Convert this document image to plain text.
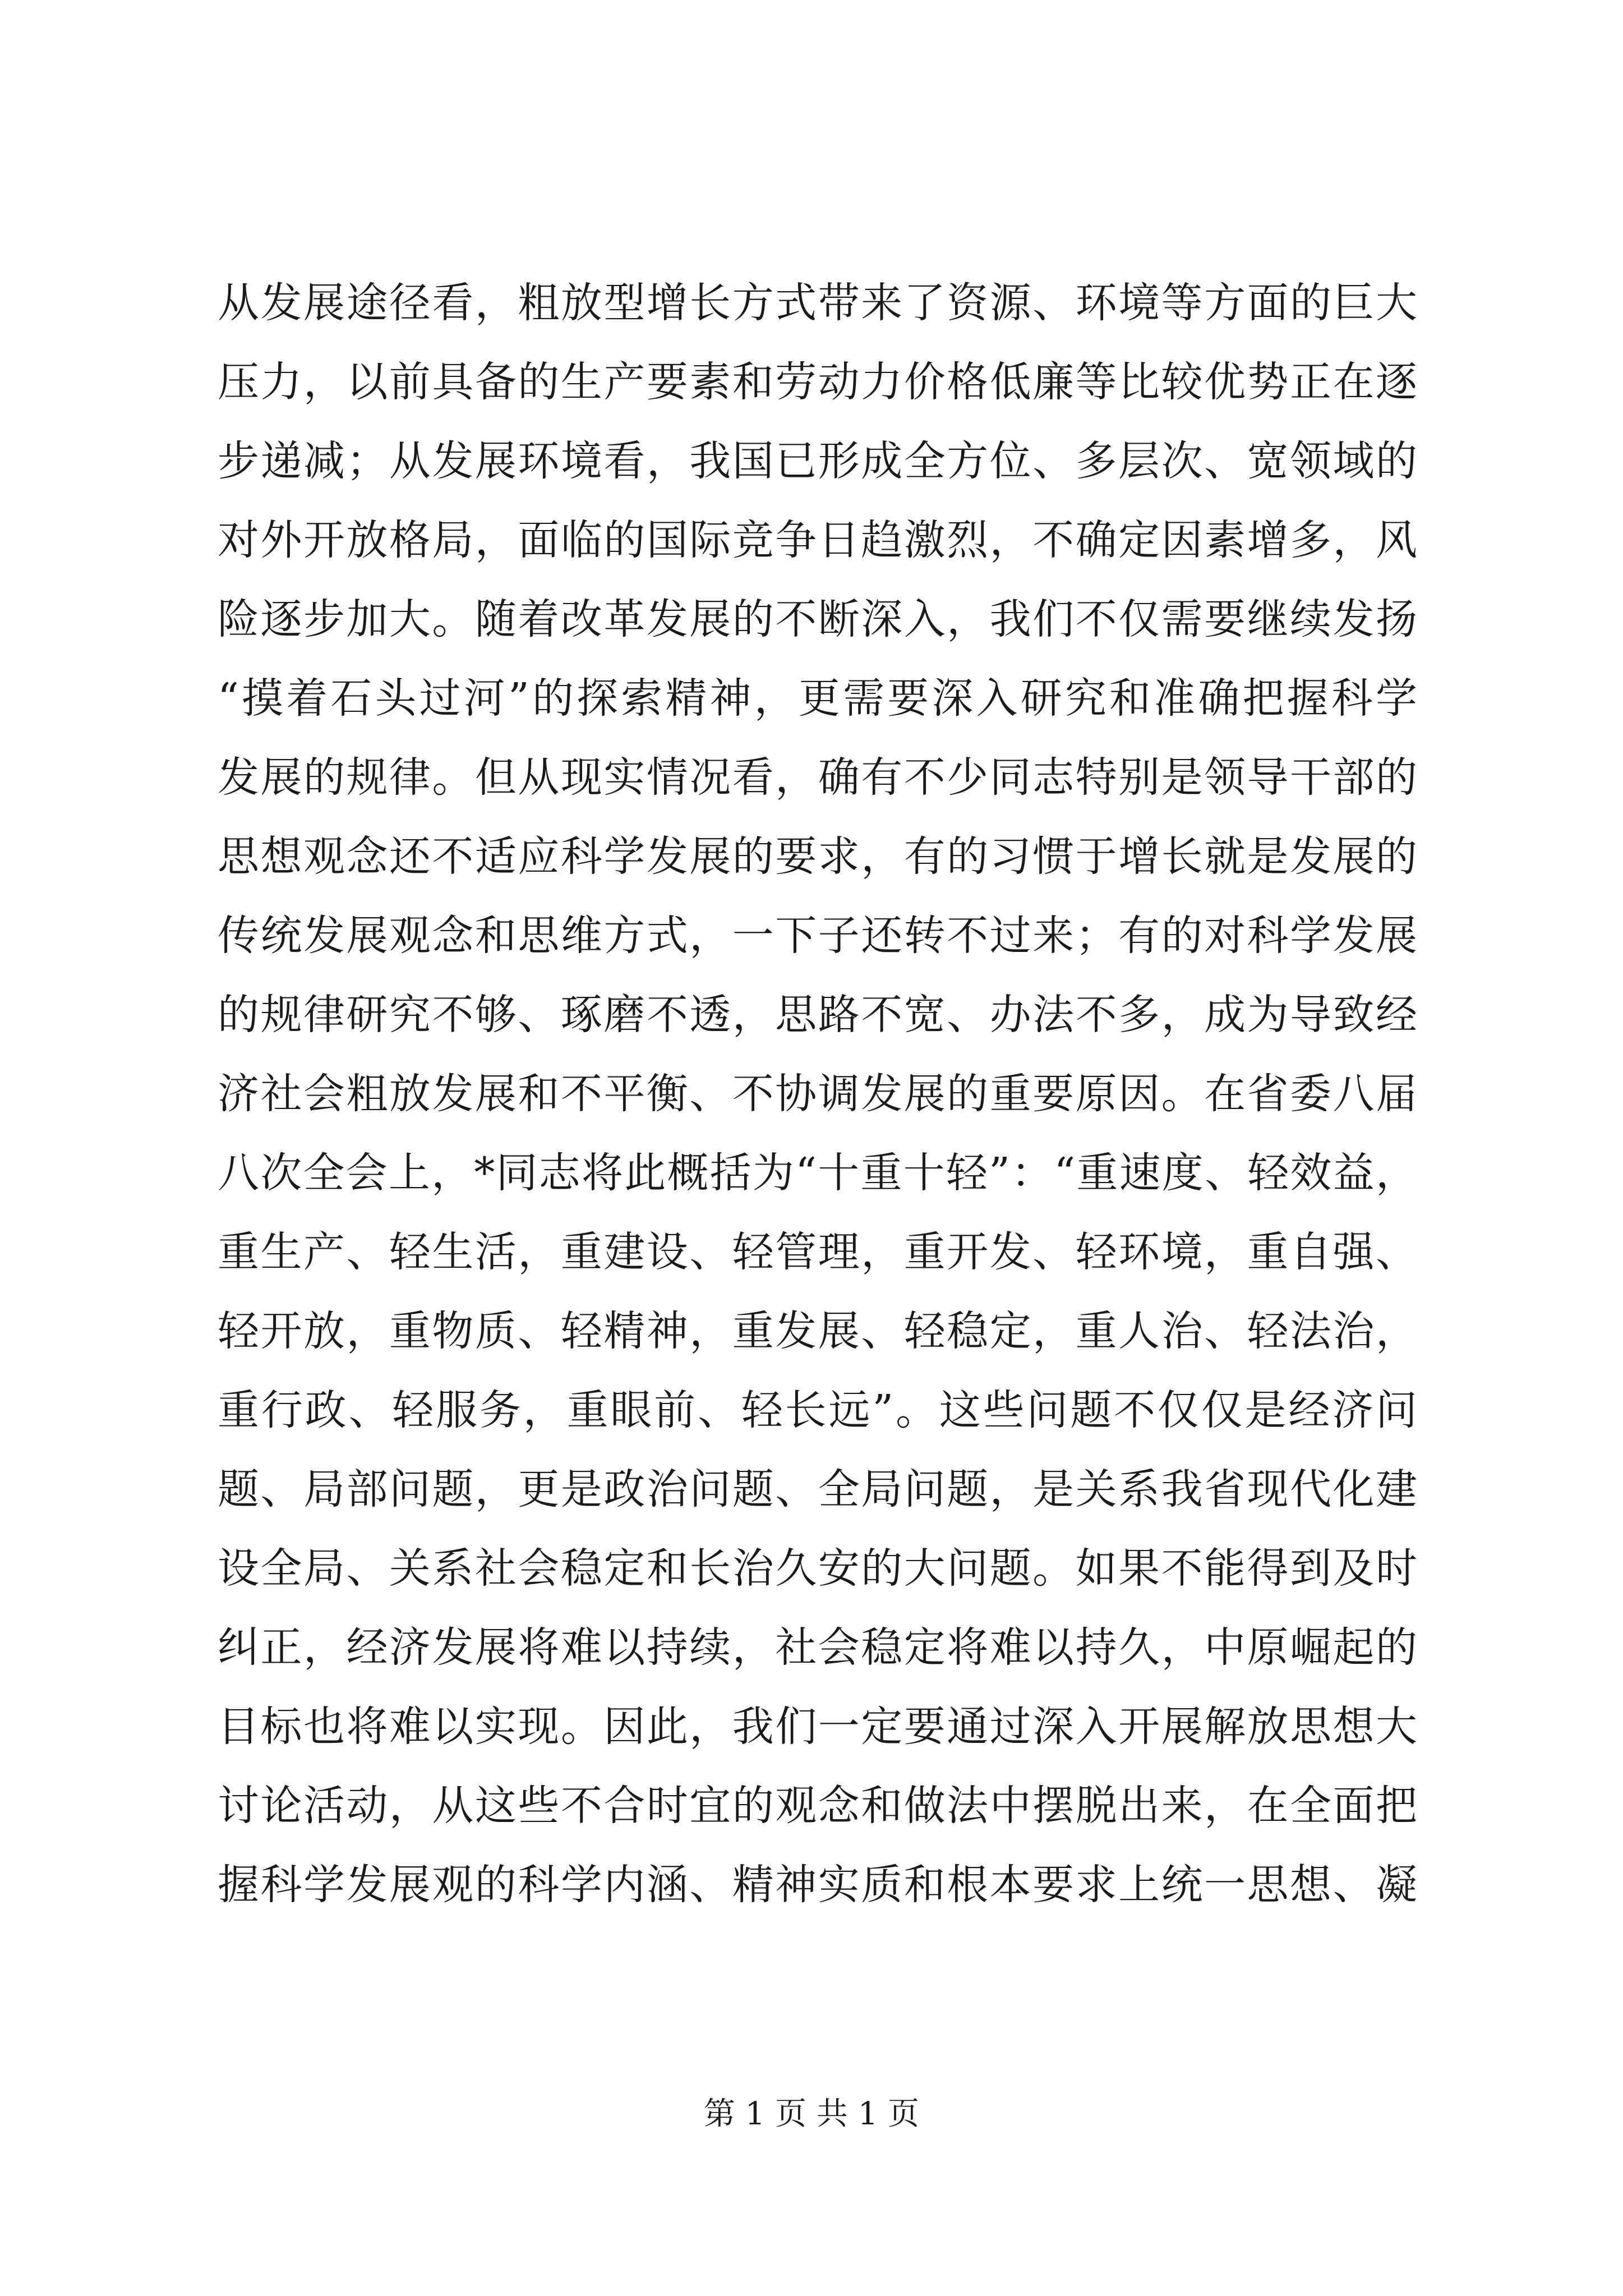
从发展途径看，粗放型增长方式带来了资源、环境等方面的巨大
压力，以前具备的生产要素和劳动力价格低廉等比较优势正在逐
步递减；从发展环境看，我国已形成全方位、多层次、宽领域的
对外开放格局，面临的国际竞争日趋激烈，不确定因素增多，风
险逐步加大。随着改革发展的不断深入，我们不仅需要继续发扬
“摸着石头过河”的探索精神，更需要深入研究和准确把握科学
发展的规律。但从现实情况看，确有不少同志特别是领导干部的
思想观念还不适应科学发展的要求，有的习惯于增长就是发展的
传统发展观念和思维方式，一下子还转不过来；有的对科学发展
的规律研究不够、琢磨不透，思路不宽、办法不多，成为导致经
济社会粗放发展和不平衡、不协调发展的重要原因。在省委八届
八次全会上，*同志将此概括为“十重十轻”：“重速度、轻效益，
重生产、轻生活，重建设、轻管理，重开发、轻环境，重自强、
轻开放，重物质、轻精神，重发展、轻稳定，重人治、轻法治，
重行政、轻服务，重眼前、轻长远”。这些问题不仅仅是经济问
题、局部问题，更是政治问题、全局问题，是关系我省现代化建
设全局、关系社会稳定和长治久安的大问题。如果不能得到及时
纠正，经济发展将难以持续，社会稳定将难以持久，中原崛起的
目标也将难以实现。因此，我们一定要通过深入开展解放思想大
讨论活动，从这些不合时宜的观念和做法中摆脱出来，在全面把
握科学发展观的科学内涵、精神实质和根本要求上统一思想、凝
第 1 页 共 1 页
